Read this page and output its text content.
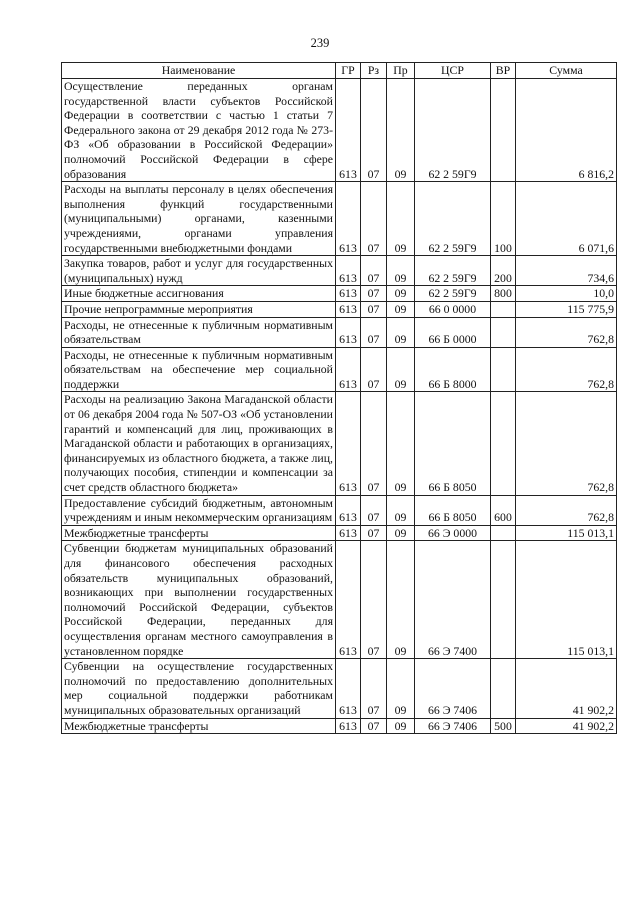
239
Наименование	ГР	Рз	Пр	ЦСР	ВР	Сумма
Осуществление переданных органам государственной власти субъектов Российской Федерации в соответствии с частью 1 статьи 7 Федерального закона от 29 декабря 2012 года № 273-ФЗ «Об образовании в Российской Федерации» полномочий Российской Федерации в сфере образования	613	07	09	62 2 59Г9		6 816,2
Расходы на выплаты персоналу в целях обеспечения выполнения функций государственными (муниципальными) органами, казенными учреждениями, органами управления государственными внебюджетными фондами	613	07	09	62 2 59Г9	100	6 071,6
Закупка товаров, работ и услуг для государственных (муниципальных) нужд	613	07	09	62 2 59Г9	200	734,6
Иные бюджетные ассигнования	613	07	09	62 2 59Г9	800	10,0
Прочие непрограммные мероприятия	613	07	09	66 0 0000		115 775,9
Расходы, не отнесенные к публичным нормативным обязательствам	613	07	09	66 Б 0000		762,8
Расходы, не отнесенные к публичным нормативным обязательствам на обеспечение мер социальной поддержки	613	07	09	66 Б 8000		762,8
Расходы на реализацию Закона Магаданской области от 06 декабря 2004 года № 507-ОЗ «Об установлении гарантий и компенсаций для лиц, проживающих в Магаданской области и работающих в организациях, финансируемых из областного бюджета, а также лиц, получающих пособия, стипендии и компенсации за счет средств областного бюджета»	613	07	09	66 Б 8050		762,8
Предоставление субсидий бюджетным, автономным учреждениям и иным некоммерческим организациям	613	07	09	66 Б 8050	600	762,8
Межбюджетные трансферты	613	07	09	66 Э 0000		115 013,1
Субвенции бюджетам муниципальных образований для финансового обеспечения расходных обязательств муниципальных образований, возникающих при выполнении государственных полномочий Российской Федерации, субъектов Российской Федерации, переданных для осуществления органам местного самоуправления в установленном порядке	613	07	09	66 Э 7400		115 013,1
Субвенции на осуществление государственных полномочий по предоставлению дополнительных мер социальной поддержки работникам муниципальных образовательных организаций	613	07	09	66 Э 7406		41 902,2
Межбюджетные трансферты	613	07	09	66 Э 7406	500	41 902,2
